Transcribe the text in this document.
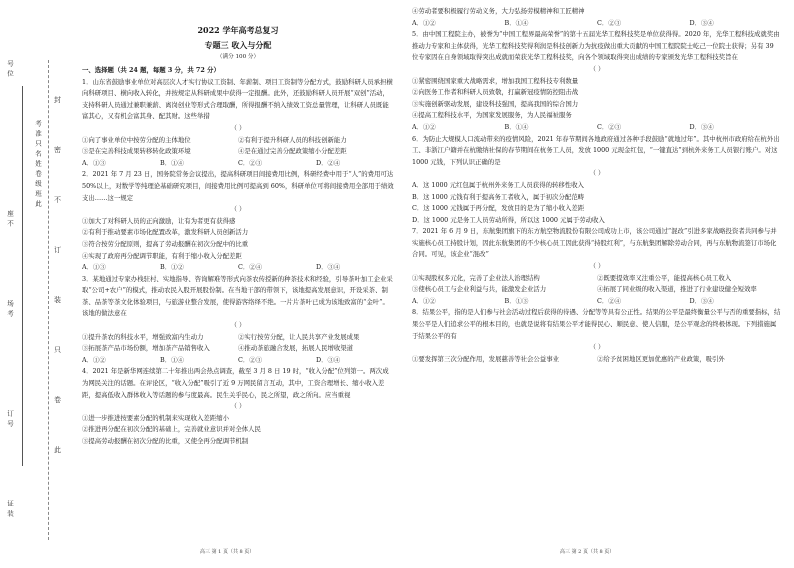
号
位
座
不
场
考
订
号
证
装
考
准
只
名
姓
卷
级
班
此
封
密
不
订
装
只
卷
此
2022 学年高考总复习
专题三 收入与分配
（满分 100 分）
一、选择题（共 24 题，每题 3 分，共 72 分）
1．山东省鼓励事业单位对高层次人才实行协议工资制、年薪制、项目工资制等分配方式，鼓励科研人员承担横向科研项目、横向收入转化，并按规定从科研成果中获得一定报酬。此外，还鼓励科研人员开展“双创”活动，支持科研人员通过兼职兼薪、离岗创业等形式合理取酬，所得报酬不纳入绩效工资总量管理，让科研人员既能富其心，又有机会富其身、配其财。这些举措
（ ）
①向了事业单位中按劳分配的主体地位	②有利于提升科研人员的科技创新能力
③是在完善科技成果转移转化政策环境	④是在通过完善分配政策缩小分配差距
A．①③	B．①④	C．②③	D．②④
2．2021 年 7 月 23 日，国务院常务会议提出，提高科研项目间接费用比例，科研经费中用于“人”的费用可达 50%以上，对数学等纯理论基础研究项目，间接费用比例可提高到 60%，科研单位可将间接费用全部用于绩效支出……这一规定
（ ）
①加大了对科研人员的正向激励，让有为者更有获得感
②有利于推动要素市场化配置改革，激发科研人员创新活力
③符合按劳分配原则，提高了劳动报酬在初次分配中的比重
④实现了政府再分配调节职能，有利于缩小收入分配差距
A．①③	B．①②	C．②④	D．③④
3．某地通过专家办栈驻村、实地指导、咨询解难等形式向茶农传授新的种茶技术和经验，引导茶叶加工企业采取“公司+农户”的模式，推动农民入股开展股份制。在当地干部的带领下，该地提高发展意识，开设采茶、制茶、品茶等茶文化体验项目，与旅游业整合发展，使得游客络绎不绝。一片片茶叶已成为该地致富的“金叶”。该地的做法意在
（ ）
①提升茶农的科技水平，增强致富内生动力	②实行按劳分配，让人民共享产业发展成果
③拓展茶产品市场份额，增加茶产品销售收入	④推动茶旅融合发展，拓展人民增收渠道
A．①②	B．①④	C．②③	D．③④
4．2021 年是新华网连续第二十年推出两会热点调查，截至 3 月 8 日 19 时，“收入分配”位列第一。两次成为网民关注的话题。在评论区，“收入分配”吸引了近 9 万网民留言互动，其中，工资合理增长、缩小收入差距，提高低收入群体收入等话题的参与度最高。民生关乎民心，民之所望，政之所向。应当重视
（ ）
①进一步推进按要素分配的机制来实现收入差距缩小
②推进再分配在初次分配的基础上，完善就业意识并对全体人民
③提高劳动报酬在初次分配的比重，又使全再分配调节机制
④劳动者要积极履行劳动义务，大力弘扬劳模精神和工匠精神
A．①②	B．①④	C．②③	D．③④
5．由中国工程院主办，被誉为“中国工程界最高荣誉”的第十五届光华工程科技奖是单位获得得。2020 年，光华工程科技成就奖由推动力专家和主体获得，光华工程科技奖得利润是科技创新力为抗疫做出重大贡献的中国工程院院士屹己一位院士获得；另有 39 位专家因在自身领域取得突出成就而荣获光华工程科技奖，向各个领域取得突出成绩的专家颁发光华工程科技奖旨在
（ ）
①紧密围绕国家重大战略需求，增加我国工程科技专利数量
②向医务工作者和科研人员致敬，打赢新冠疫情防控阻击战
③实施创新驱动发展，建设科技强国，提高我国的综合国力
④提高工程科技水平，为国家发展服务，为人民福祉服务
A．①②	B．①④	C．②③	D．③④
6．为防止大规模人口流动带来的疫情风险，2021 年春节期间各地政府通过各种手段鼓励“就地过年”。其中杭州市政府给在杭外出工、非浙江户籍并在杭缴纳社保的春节期间在杭务工人员，发放 1000 元现金红包，“一键直达”到杭外来务工人员银行账户。对这 1000 元钱，下列认识正确的是
（ ）
A．这 1000 元红包属于杭州外来务工人员获得的转移性收入
B．这 1000 元钱有利于提高务工者收入，属于初次分配范畴
C．这 1000 元钱属于再分配，发放目的是为了缩小收入差距
D．这 1000 元是务工人员劳动所得，所以这 1000 元属于劳动收入
7．2021 年 6 月 9 日，东航集团旗下的东方航空物流股份有限公司成功上市，该公司通过“混改”引进多家战略投资者共同参与并实施核心员工持股计划，因此东航集团的不少核心员工因此获得“持股红利”，与东航集团解除劳动合同，再与东航物流签订市场化合同。可见，该企业“混改”
（ ）
①实现股权多元化，完善了企业法人治理结构	②既要提效率又注重公平，能提高核心员工收入
③使核心员工与企业利益与共，能激发企业活力	④拓展了同业级的收入渠道，推进了行业建设健全短效率
A．①②	B．①③	C．②④	D．③④
8．结果公平，指的是人们参与社会活动过程后获得的待遇、分配等等具有公正性。结果的公平是最终衡量公平与否的重要指标，结果公平是人们追求公平的根本目的，也就是说将有结果公平才能得民心、顺民意、使人信服，是公平观念的终极体现。下列措施属于结果公平的有
（ ）
①要发挥第三次分配作用，发展慈善等社会公益事业	②给予贫困地区更加优惠的产业政策，吸引外
高三 第 1 页（共 8 页）	高三 第 2 页（共 8 页）
